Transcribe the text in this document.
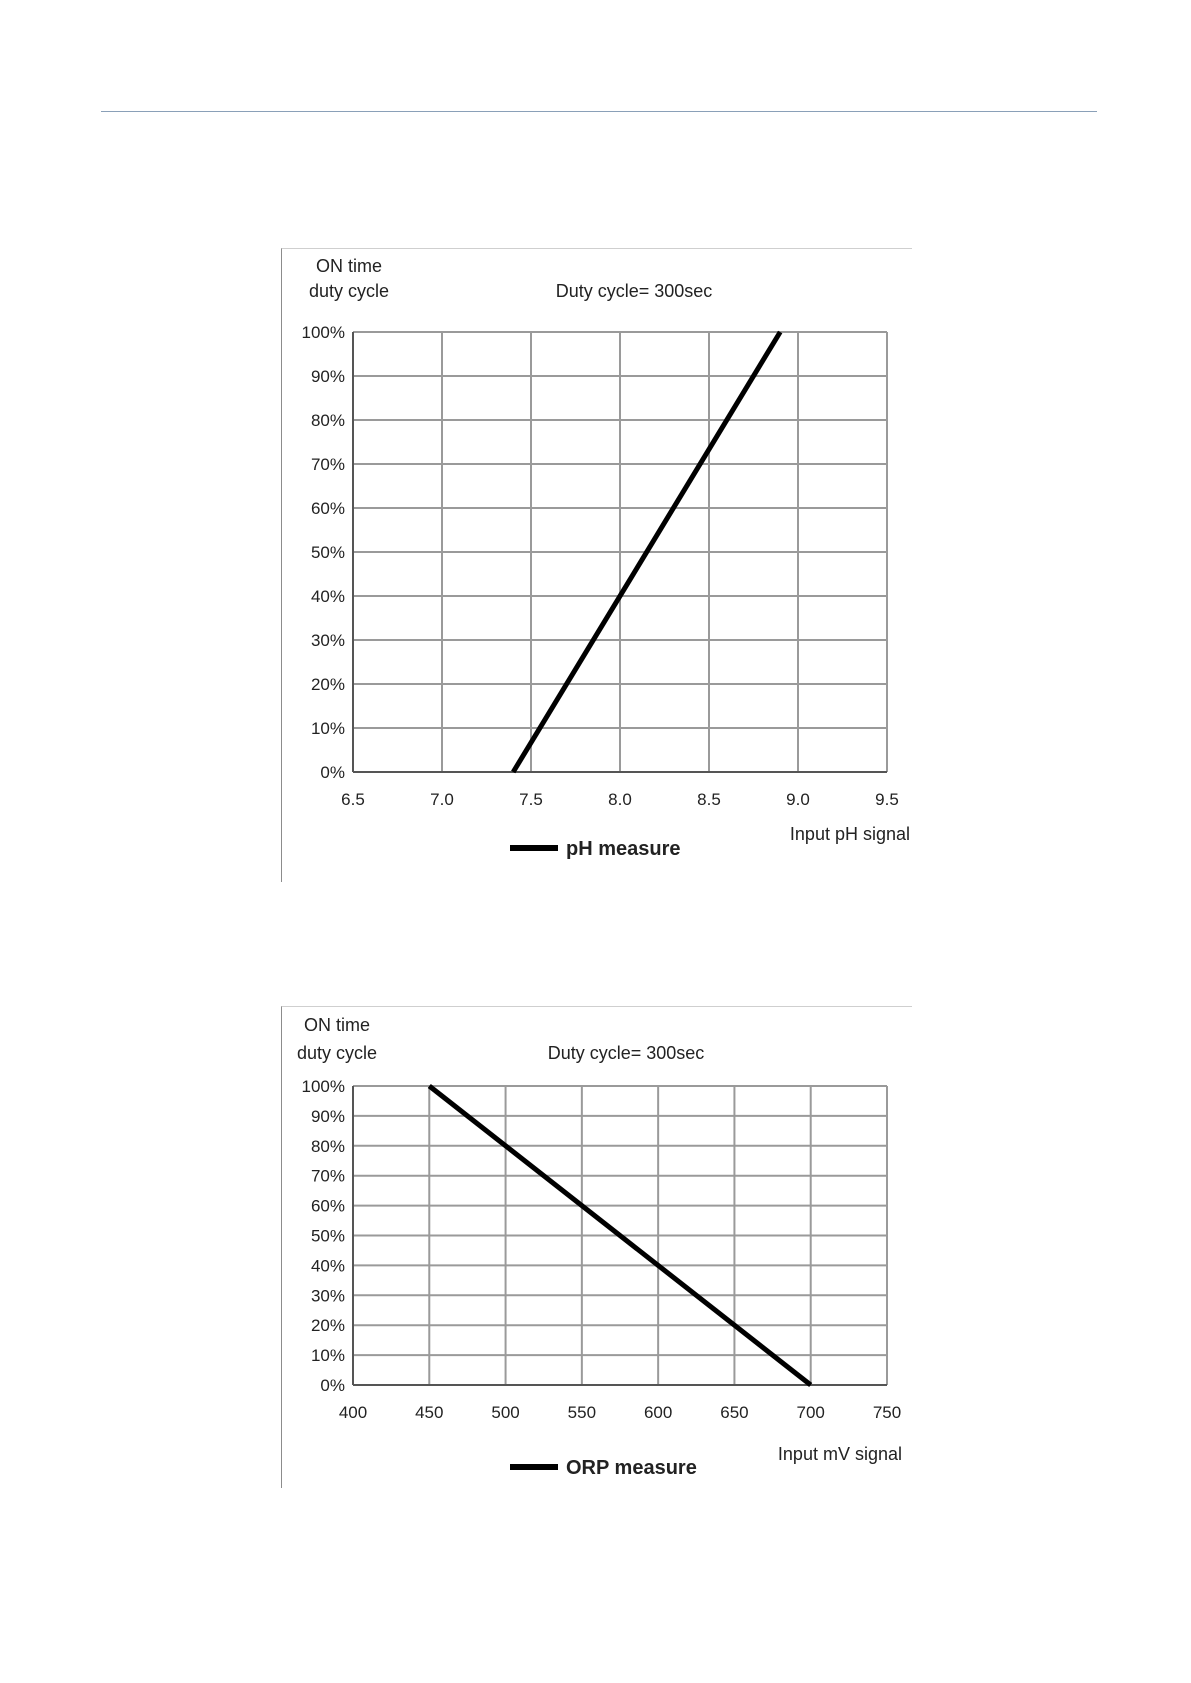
6.5	7.0	7.5	8.0	8.5	9.0	9.5
0%
10%
20%
30%
40%
50%
60%
70%
80%
90%
100%
ON time
duty cycle	Duty cycle= 300sec
Input pH signal
pH measure
400	450	500	550	600	650	700	750
0%
10%
20%
30%
40%
50%
60%
70%
80%
90%
100%
ON time
duty cycle	Duty cycle= 300sec
Input mV signal
ORP measure
